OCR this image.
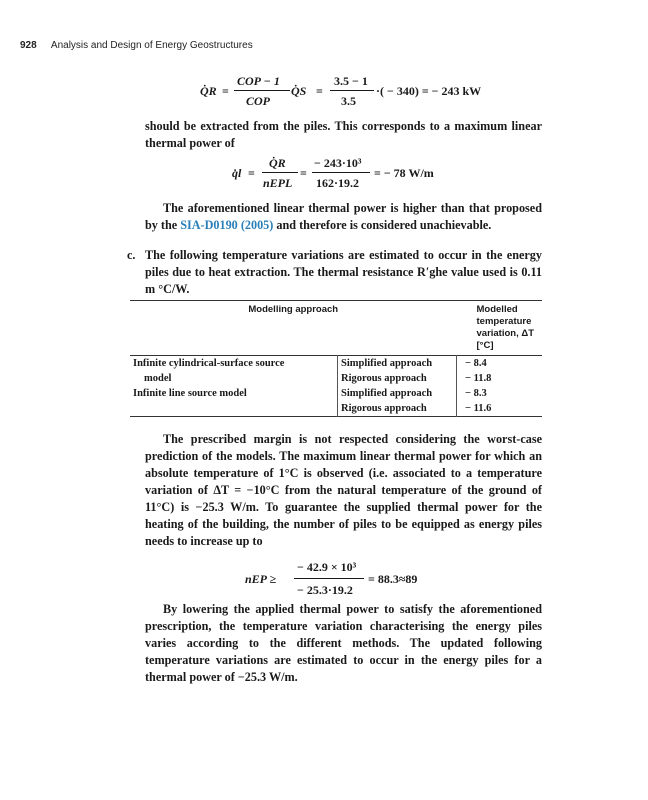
928 Analysis and Design of Energy Geostructures
Q̇R =
COP − 1
COP
Q̇S =
3.5 − 1
3.5
·( − 340) = − 243 kW
should be extracted from the piles. This corresponds to a maximum linear thermal power of
q̇l =
Q̇R
nEPL
=
− 243·10³
162·19.2
= − 78 W/m
The aforementioned linear thermal power is higher than that proposed by the SIA-D0190 (2005) and therefore is considered unachievable.
c. The following temperature variations are estimated to occur in the energy piles due to heat extraction. The thermal resistance R′ghe value used is 0.11 m °C/W.
Modelling approach		Modelled temperature variation, ΔT [°C]
Infinite cylindrical-surface source	Simplified approach	− 8.4
model	Rigorous approach	− 11.8
Infinite line source model	Simplified approach	− 8.3
	Rigorous approach	− 11.6
The prescribed margin is not respected considering the worst-case prediction of the models. The maximum linear thermal power for which an absolute temperature of 1°C is observed (i.e. associated to a temperature variation of ΔT = −10°C from the natural temperature of the ground of 11°C) is −25.3 W/m. To guarantee the supplied thermal power for the heating of the building, the number of piles to be equipped as energy piles needs to increase up to
nEP ≥
− 42.9 × 10³
− 25.3·19.2
= 88.3≈89
By lowering the applied thermal power to satisfy the aforementioned prescription, the temperature variation characterising the energy piles varies according to the different methods. The updated following temperature variations are estimated to occur in the energy piles for a thermal power of −25.3 W/m.
